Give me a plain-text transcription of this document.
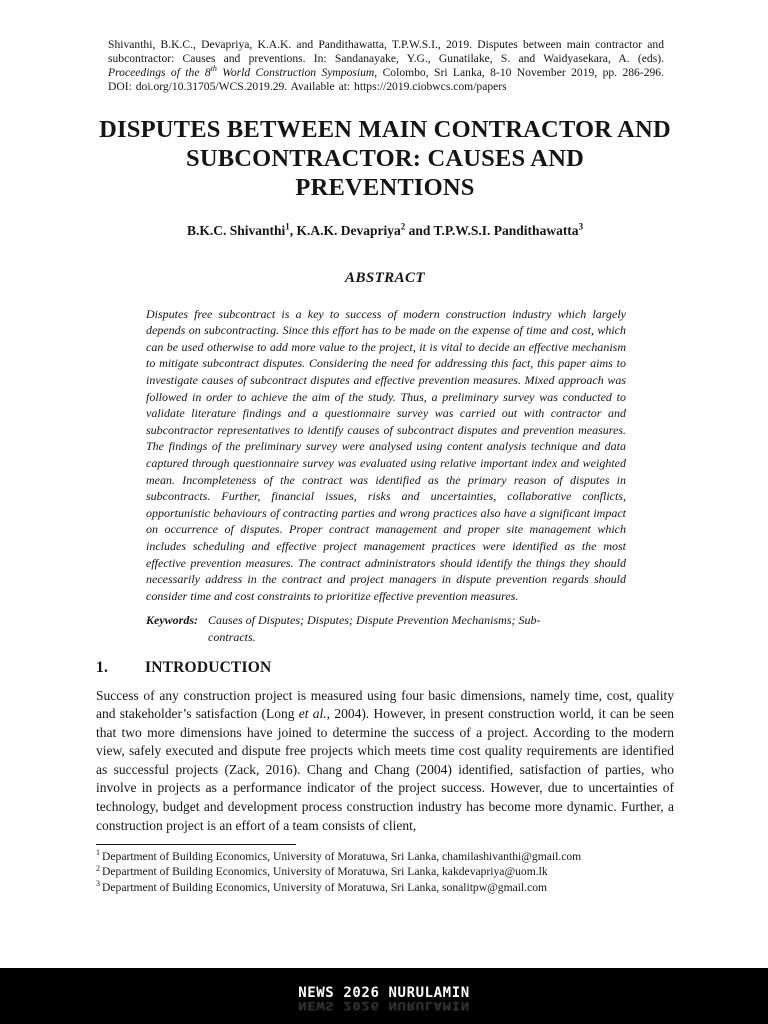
Shivanthi, B.K.C., Devapriya, K.A.K. and Pandithawatta, T.P.W.S.I., 2019. Disputes between main contractor and subcontractor: Causes and preventions. In: Sandanayake, Y.G., Gunatilake, S. and Waidyasekara, A. (eds). Proceedings of the 8th World Construction Symposium, Colombo, Sri Lanka, 8-10 November 2019, pp. 286-296. DOI: doi.org/10.31705/WCS.2019.29. Available at: https://2019.ciobwcs.com/papers

DISPUTES BETWEEN MAIN CONTRACTOR AND SUBCONTRACTOR: CAUSES AND PREVENTIONS

B.K.C. Shivanthi$^1$, K.A.K. Devapriya$^2$ and T.P.W.S.I. Pandithawatta$^3$

ABSTRACT

Disputes free subcontract is a key to success of modern construction industry which largely depends on subcontracting. Since this effort has to be made on the expense of time and cost, which can be used otherwise to add more value to the project, it is vital to decide an effective mechanism to mitigate subcontract disputes. Considering the need for addressing this fact, this paper aims to investigate causes of subcontract disputes and effective prevention measures. Mixed approach was followed in order to achieve the aim of the study. Thus, a preliminary survey was conducted to validate literature findings and a questionnaire survey was carried out with contractor and subcontractor representatives to identify causes of subcontract disputes and prevention measures. The findings of the preliminary survey were analysed using content analysis technique and data captured through questionnaire survey was evaluated using relative important index and weighted mean. Incompleteness of the contract was identified as the primary reason of disputes in subcontracts. Further, financial issues, risks and uncertainties, collaborative conflicts, opportunistic behaviours of contracting parties and wrong practices also have a significant impact on occurrence of disputes. Proper contract management and proper site management which includes scheduling and effective project management practices were identified as the most effective prevention measures. The contract administrators should identify the things they should necessarily address in the contract and project managers in dispute prevention regards should consider time and cost constraints to prioritize effective prevention measures.

Keywords: Causes of Disputes; Disputes; Dispute Prevention Mechanisms; Sub-contracts.
1. INTRODUCTION

Success of any construction project is measured using four basic dimensions, namely time, cost, quality and stakeholder’s satisfaction (Long et al., 2004). However, in present construction world, it can be seen that two more dimensions have joined to determine the success of a project. According to the modern view, safely executed and dispute free projects which meets time cost quality requirements are identified as successful projects (Zack, 2016). Chang and Chang (2004) identified, satisfaction of parties, who involve in projects as a performance indicator of the project success. However, due to uncertainties of technology, budget and development process construction industry has become more dynamic. Further, a construction project is an effort of a team consists of client,

$^1$ Department of Building Economics, University of Moratuwa, Sri Lanka, chamilashivanthi@gmail.com

$^2$ Department of Building Economics, University of Moratuwa, Sri Lanka, kakdevapriya@uom.lk

$^3$ Department of Building Economics, University of Moratuwa, Sri Lanka, sonalitpw@gmail.com

NEWS 2026 NURULAMIN
NEWS 2026 NURULAMIN
